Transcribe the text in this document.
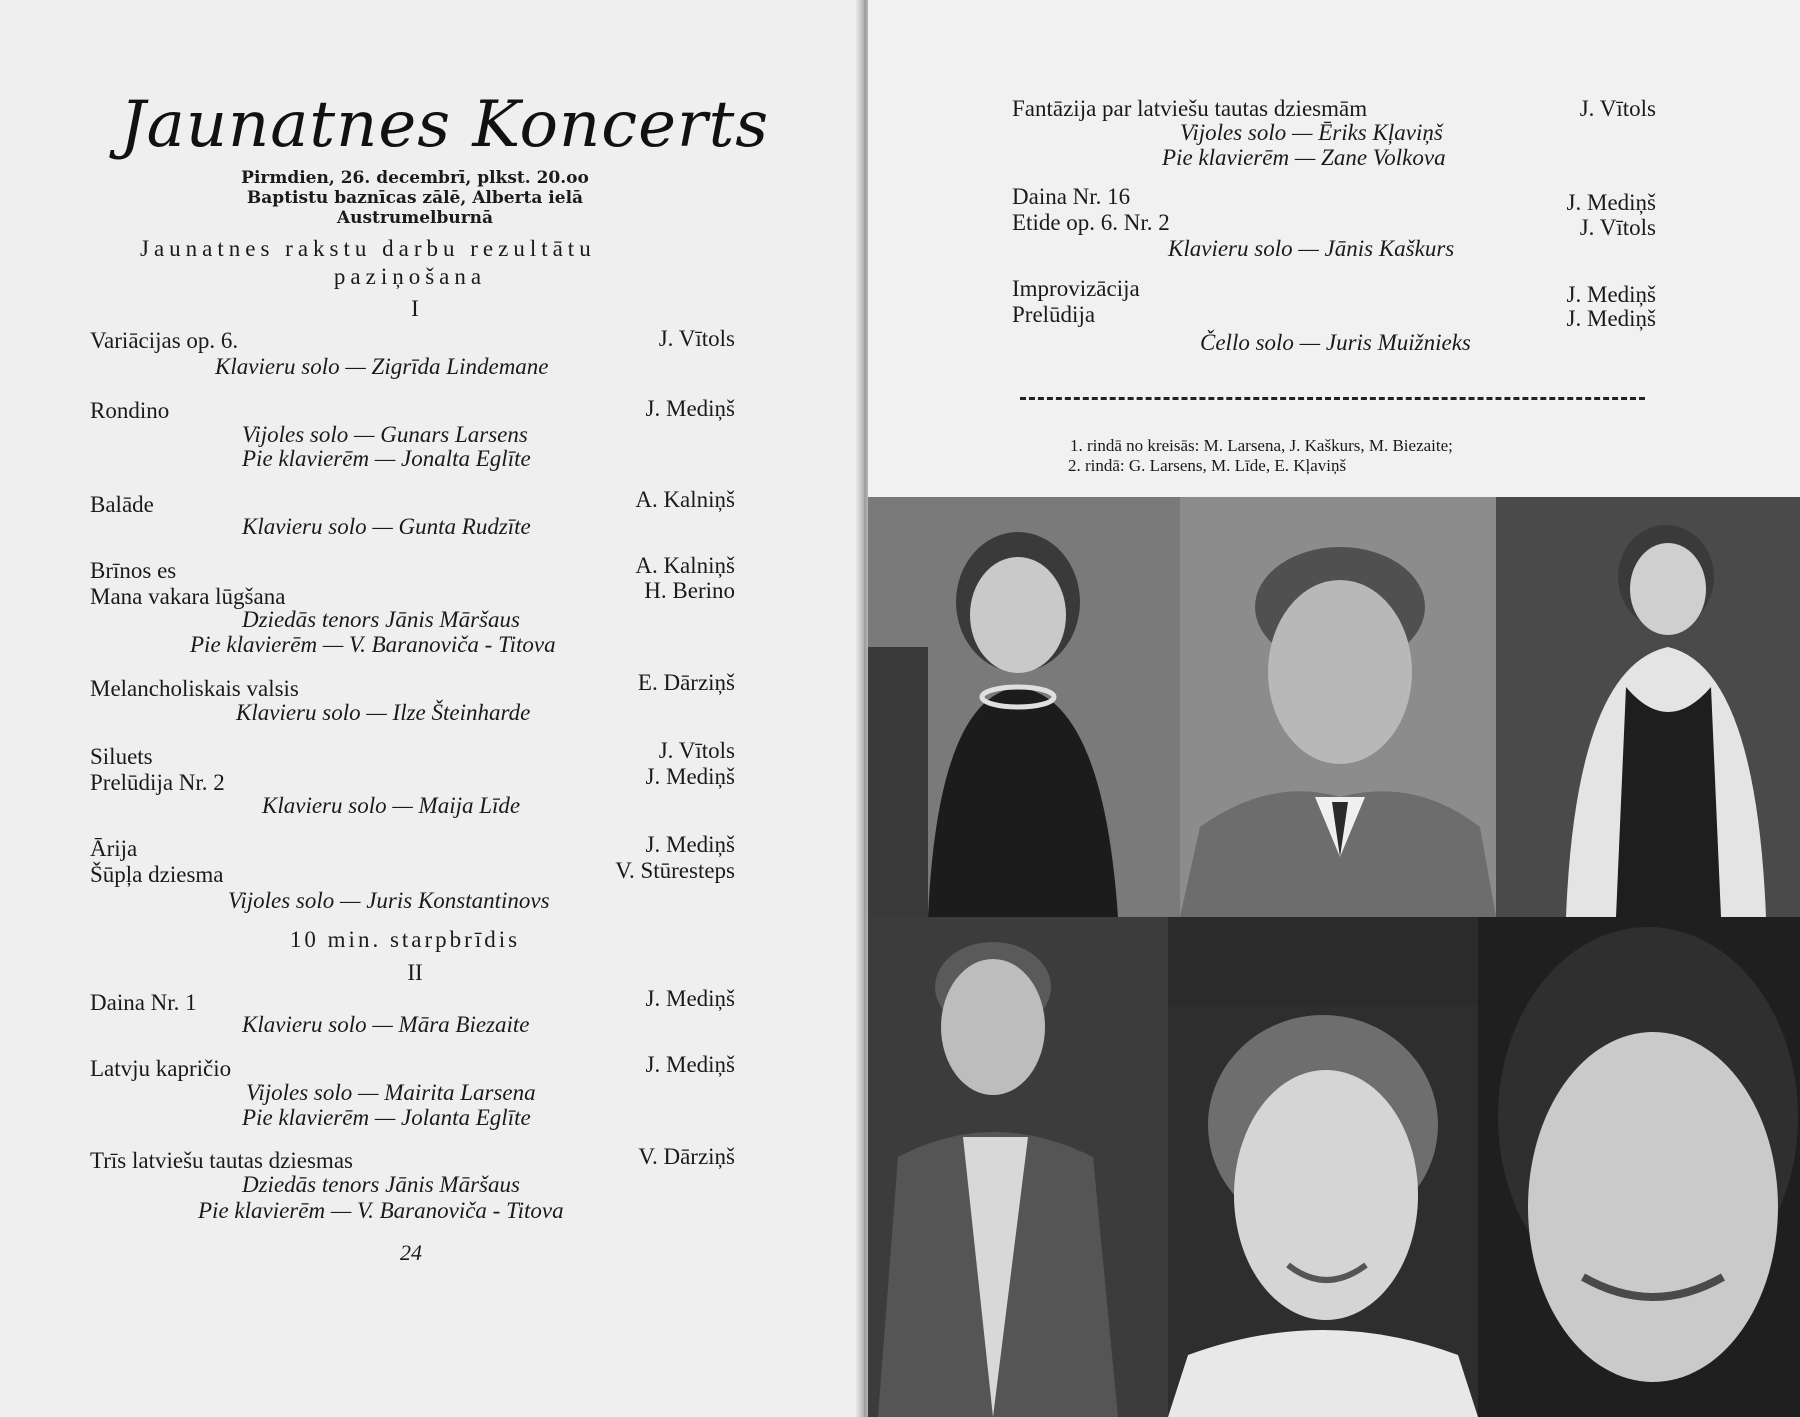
Jaunatnes Koncerts
Pirmdien, 26. decembrī, plkst. 20.oo
Baptistu baznīcas zālē, Alberta ielā
Austrumelburnā
Jaunatnes rakstu darbu rezultātu
paziņošana
I
Variācijas op. 6.	J. Vītols
Klavieru solo — Zigrīda Lindemane
Rondino	J. Mediņš
Vijoles solo — Gunars Larsens
Pie klavierēm — Jonalta Eglīte
Balāde	A. Kalniņš
Klavieru solo — Gunta Rudzīte
Brīnos es	A. Kalniņš
Mana vakara lūgšana	H. Berino
Dziedās tenors Jānis Māršaus
Pie klavierēm — V. Baranoviča - Titova
Melancholiskais valsis	E. Dārziņš
Klavieru solo — Ilze Šteinharde
Siluets	J. Vītols
Prelūdija Nr. 2	J. Mediņš
Klavieru solo — Maija Līde
Ārija	J. Mediņš
Šūpļa dziesma	V. Stūresteps
Vijoles solo — Juris Konstantinovs
10 min. starpbrīdis
II
Daina Nr. 1	J. Mediņš
Klavieru solo — Māra Biezaite
Latvju kapričio	J. Mediņš
Vijoles solo — Mairita Larsena
Pie klavierēm — Jolanta Eglīte
Trīs latviešu tautas dziesmas	V. Dārziņš
Dziedās tenors Jānis Māršaus
Pie klavierēm — V. Baranoviča - Titova
24
Fantāzija par latviešu tautas dziesmām	J. Vītols
Vijoles solo — Ēriks Kļaviņš
Pie klavierēm — Zane Volkova
Daina Nr. 16	J. Mediņš
Etide op. 6. Nr. 2	J. Vītols
Klavieru solo — Jānis Kaškurs
Improvizācija	J. Mediņš
Prelūdija	J. Mediņš
Čello solo — Juris Muižnieks
1. rindā no kreisās: M. Larsena, J. Kaškurs, M. Biezaite;
2. rindā: G. Larsens, M. Līde, E. Kļaviņš
